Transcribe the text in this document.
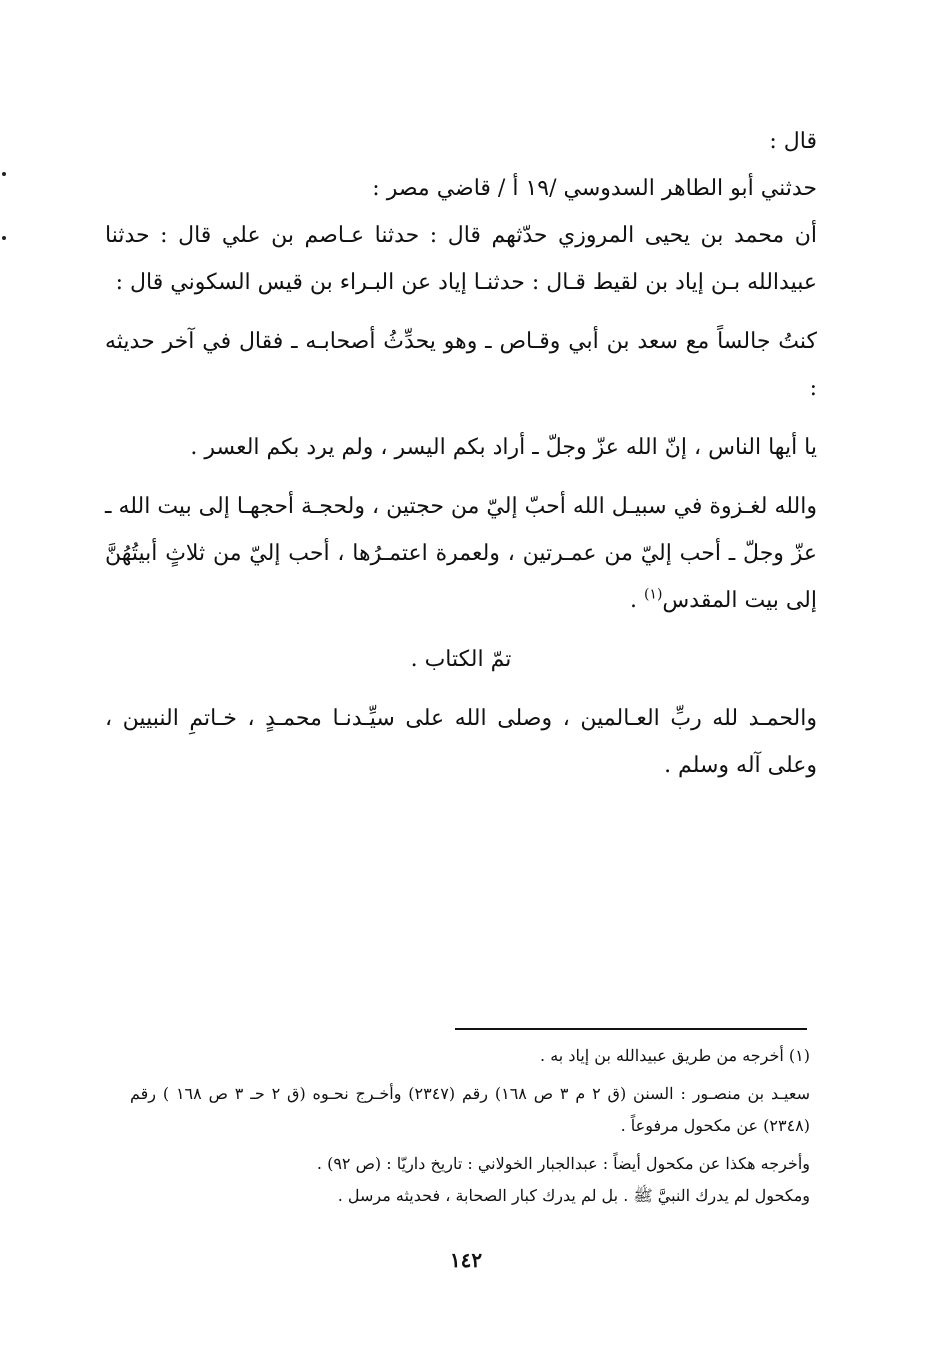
قال :

حدثني أبو الطاهر السدوسي /١٩ أ / قاضي مصر :

أن محمد بن يحيى المروزي حدّثهم قال : حدثنا عـاصم بن علي قال : حدثنا عبيدالله بـن إياد بن لقيط قـال : حدثنـا إياد عن البـراء بن قيس السكوني قال :

كنتُ جالساً مع سعد بن أبي وقـاص ـ وهو يحدِّثُ أصحابـه ـ فقال في آخر حديثه :

يا أيها الناس ، إنّ الله عزّ وجلّ ـ أراد بكم اليسر ، ولم يرد بكم العسر .

والله لغـزوة في سبيـل الله أحبّ إليّ من حجتين ، ولحجـة أحجهـا إلى بيت الله ـ عزّ وجلّ ـ أحب إليّ من عمـرتين ، ولعمرة اعتمـرُها ، أحب إليّ من ثلاثٍ أبيتُهُنَّ إلى بيت المقدس$^{(١)}$ .

تمّ الكتاب .

والحمـد لله ربِّ العـالمين ، وصلى الله على سيِّـدنـا محمـدٍ ، خـاتمِ النبيين ، وعلى آله وسلم .

(١) أخرجه من طريق عبيدالله بن إياد به .

سعيـد بن منصـور : السنن (ق ٢ م ٣ ص ١٦٨) رقم (٢٣٤٧) وأخـرج نحـوه (ق ٢ حـ ٣ ص ١٦٨ ) رقم (٢٣٤٨) عن مكحول مرفوعاً .

وأخرجه هكذا عن مكحول أيضاً : عبدالجبار الخولاني : تاريخ داريّا : (ص ٩٢) .

ومكحول لم يدرك النبيَّ ﷺ . بل لم يدرك كبار الصحابة ، فحديثه مرسل .

١٤٢
